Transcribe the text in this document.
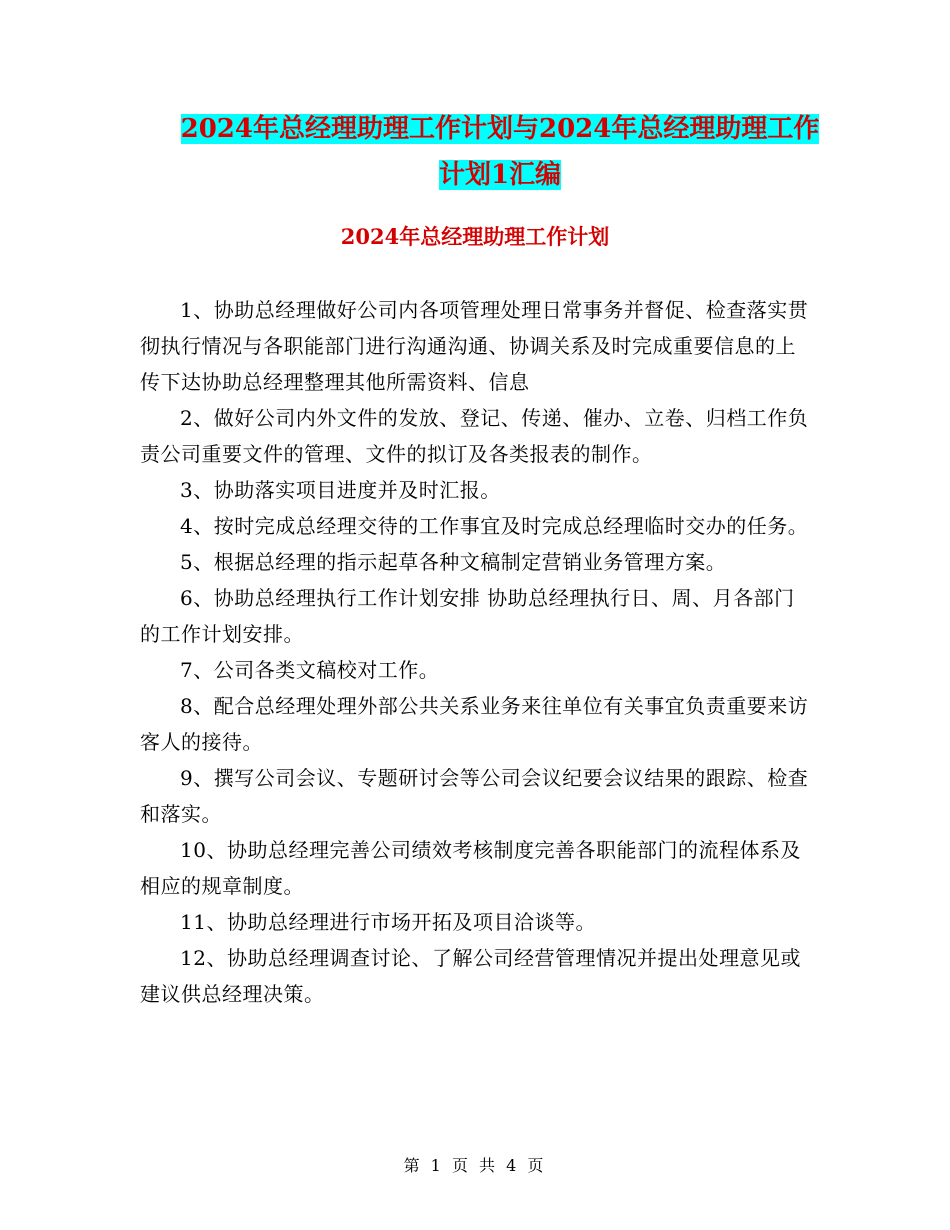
2024年总经理助理工作计划与2024年总经理助理工作
计划1汇编
2024年总经理助理工作计划

1、协助总经理做好公司内各项管理处理日常事务并督促、检查落实贯彻执行情况与各职能部门进行沟通沟通、协调关系及时完成重要信息的上传下达协助总经理整理其他所需资料、信息

2、做好公司内外文件的发放、登记、传递、催办、立卷、归档工作负责公司重要文件的管理、文件的拟订及各类报表的制作。

3、协助落实项目进度并及时汇报。

4、按时完成总经理交待的工作事宜及时完成总经理临时交办的任务。

5、根据总经理的指示起草各种文稿制定营销业务管理方案。

6、协助总经理执行工作计划安排 协助总经理执行日、周、月各部门的工作计划安排。

7、公司各类文稿校对工作。

8、配合总经理处理外部公共关系业务来往单位有关事宜负责重要来访客人的接待。

9、撰写公司会议、专题研讨会等公司会议纪要会议结果的跟踪、检查和落实。

10、协助总经理完善公司绩效考核制度完善各职能部门的流程体系及相应的规章制度。

11、协助总经理进行市场开拓及项目洽谈等。

12、协助总经理调查讨论、了解公司经营管理情况并提出处理意见或建议供总经理决策。

第 1 页 共 4 页
